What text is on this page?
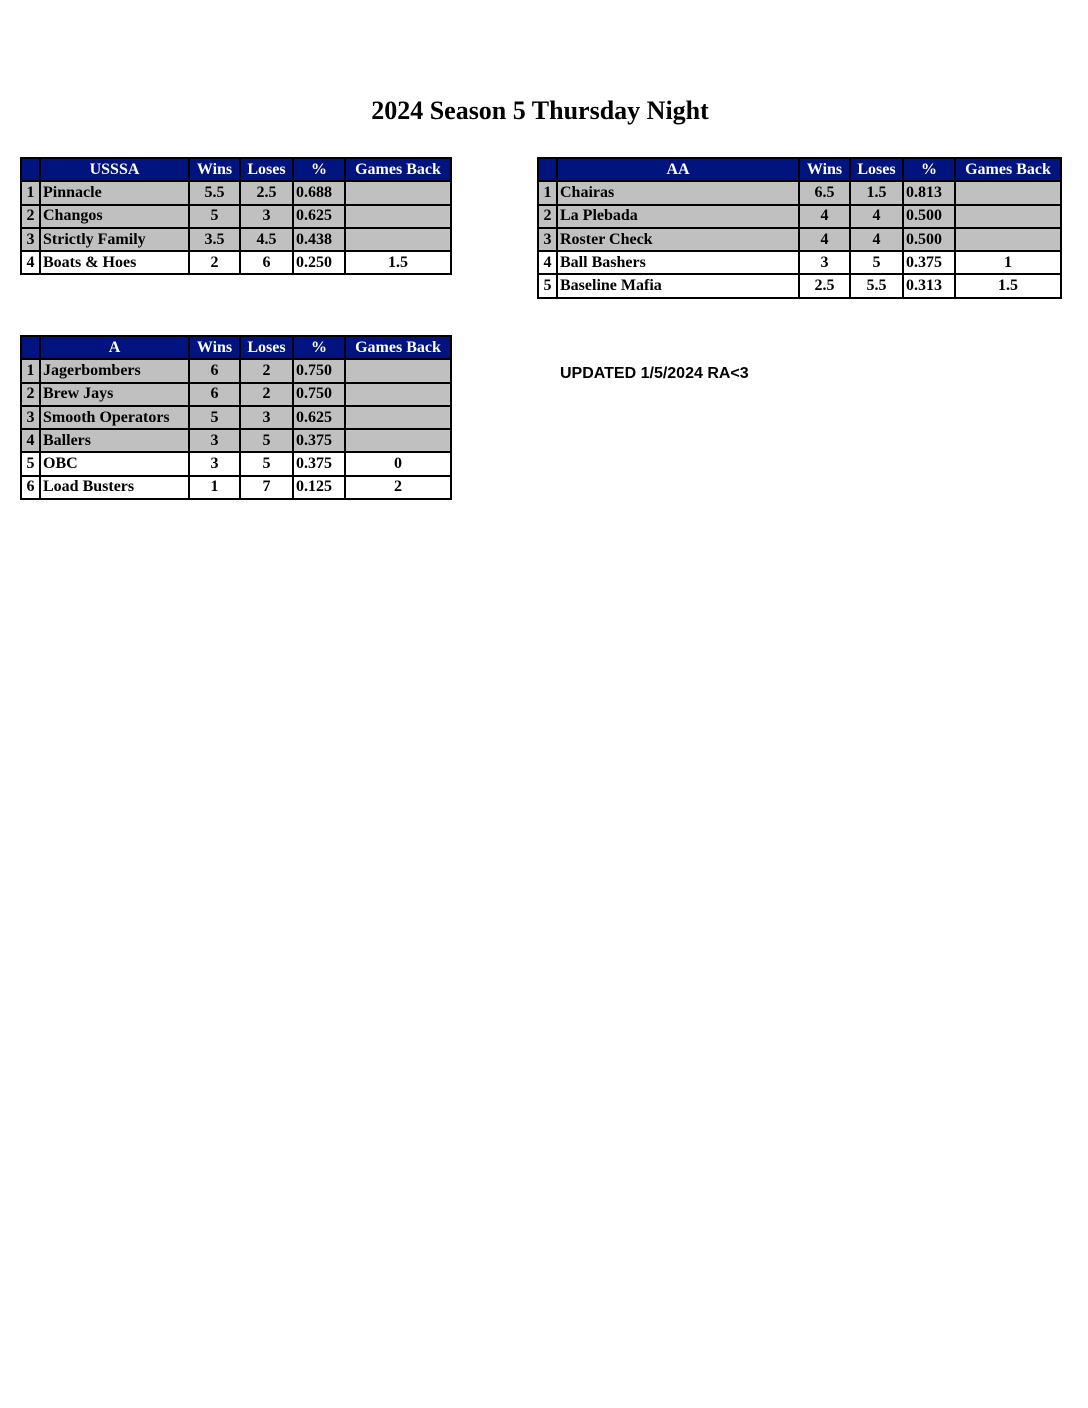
2024 Season 5 Thursday Night
	USSSA	Wins	Loses	%	Games Back
1	Pinnacle	5.5	2.5	0.688	
2	Changos	5	3	0.625	
3	Strictly Family	3.5	4.5	0.438	
4	Boats & Hoes	2	6	0.250	1.5
	AA	Wins	Loses	%	Games Back
1	Chairas	6.5	1.5	0.813	
2	La Plebada	4	4	0.500	
3	Roster Check	4	4	0.500	
4	Ball Bashers	3	5	0.375	1
5	Baseline Mafia	2.5	5.5	0.313	1.5
	A	Wins	Loses	%	Games Back
1	Jagerbombers	6	2	0.750	
2	Brew Jays	6	2	0.750	
3	Smooth Operators	5	3	0.625	
4	Ballers	3	5	0.375	
5	OBC	3	5	0.375	0
6	Load Busters	1	7	0.125	2
UPDATED 1/5/2024 RA<3
